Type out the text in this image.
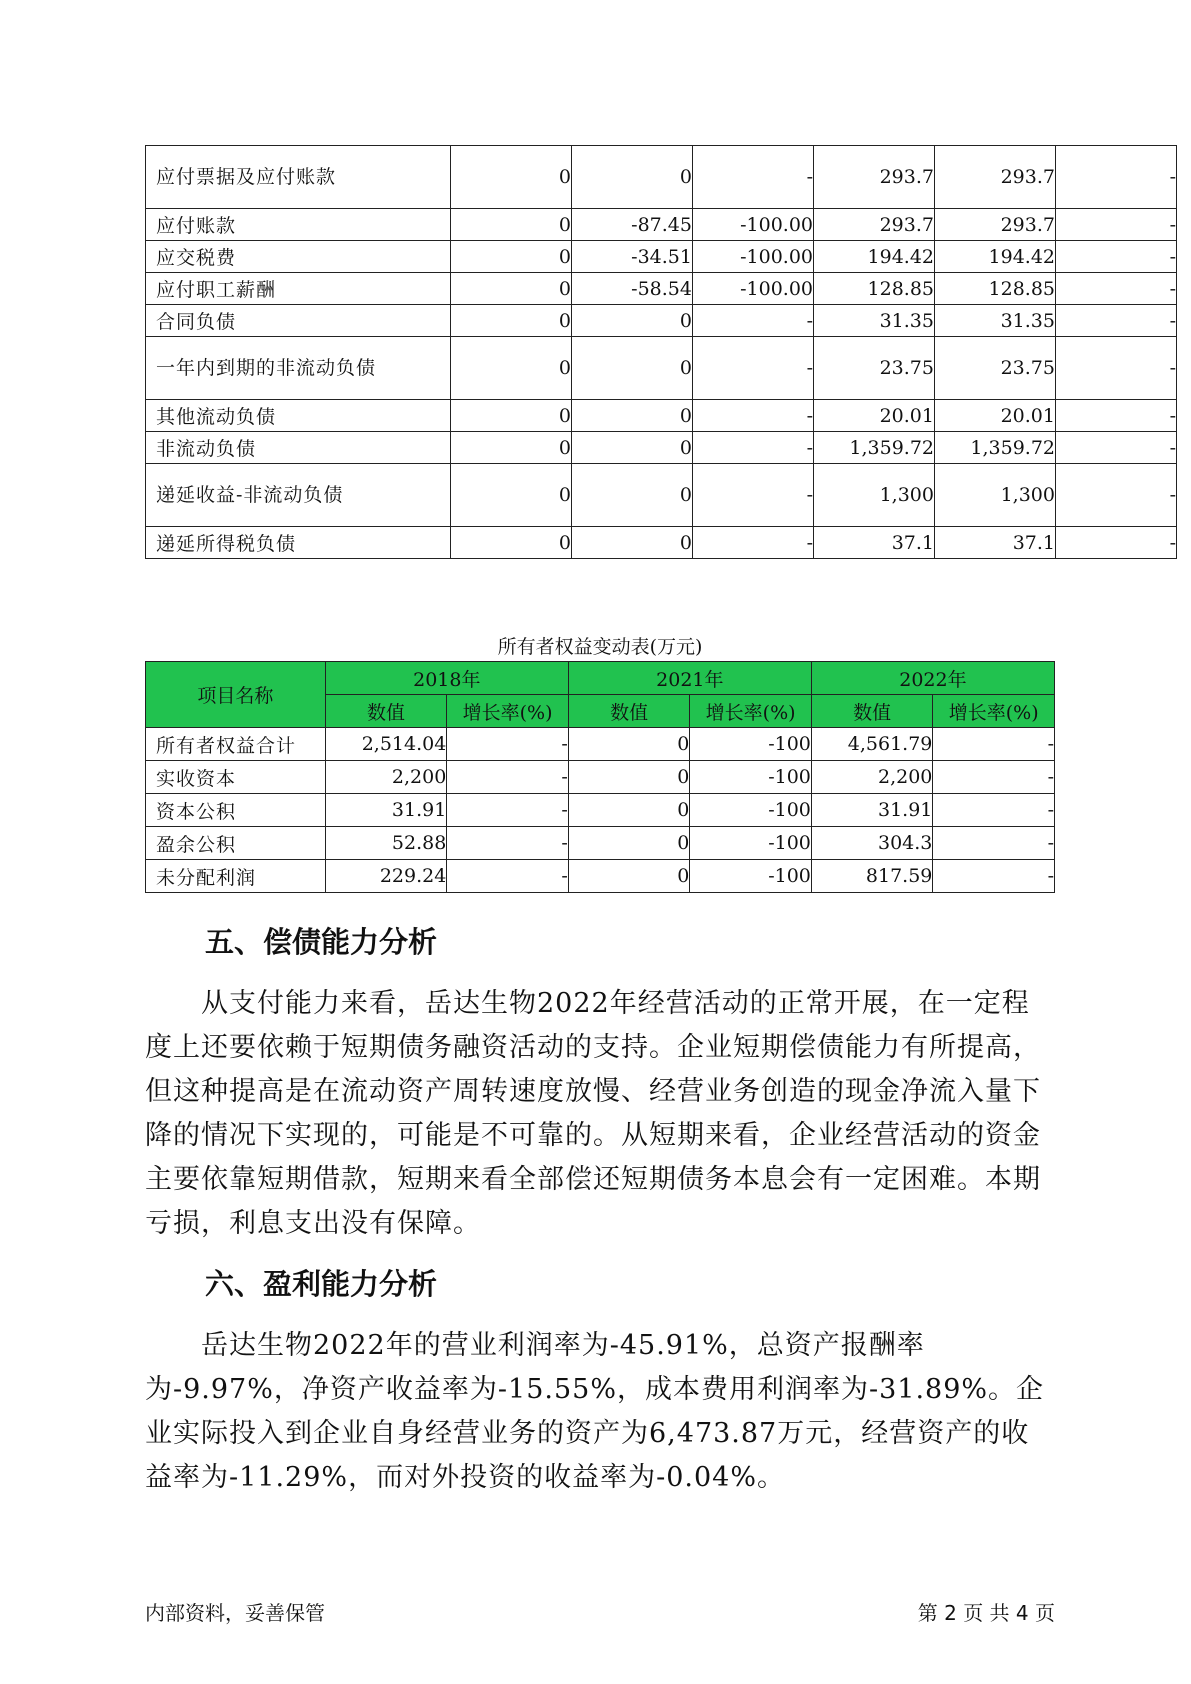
应付票据及应付账款	0	0	-	293.7	293.7	-
应付账款	0	-87.45	-100.00	293.7	293.7	-
应交税费	0	-34.51	-100.00	194.42	194.42	-
应付职工薪酬	0	-58.54	-100.00	128.85	128.85	-
合同负债	0	0	-	31.35	31.35	-
一年内到期的非流动负债	0	0	-	23.75	23.75	-
其他流动负债	0	0	-	20.01	20.01	-
非流动负债	0	0	-	1,359.72	1,359.72	-
递延收益-非流动负债	0	0	-	1,300	1,300	-
递延所得税负债	0	0	-	37.1	37.1	-
所有者权益变动表(万元)
项目名称	2018年		2021年		2022年	
	数值	增长率(%)	数值	增长率(%)	数值	增长率(%)
所有者权益合计	2,514.04	-	0	-100	4,561.79	-
实收资本	2,200	-	0	-100	2,200	-
资本公积	31.91	-	0	-100	31.91	-
盈余公积	52.88	-	0	-100	304.3	-
未分配利润	229.24	-	0	-100	817.59	-
五、偿债能力分析

从支付能力来看，岳达生物2022年经营活动的正常开展，在一定程度上还要依赖于短期债务融资活动的支持。企业短期偿债能力有所提高，但这种提高是在流动资产周转速度放慢、经营业务创造的现金净流入量下降的情况下实现的，可能是不可靠的。从短期来看，企业经营活动的资金主要依靠短期借款，短期来看全部偿还短期债务本息会有一定困难。本期亏损，利息支出没有保障。

六、盈利能力分析

岳达生物2022年的营业利润率为-45.91%，总资产报酬率为-9.97%，净资产收益率为-15.55%，成本费用利润率为-31.89%。企业实际投入到企业自身经营业务的资产为6,473.87万元，经营资产的收益率为-11.29%，而对外投资的收益率为-0.04%。

内部资料，妥善保管	第 2 页 共 4 页
